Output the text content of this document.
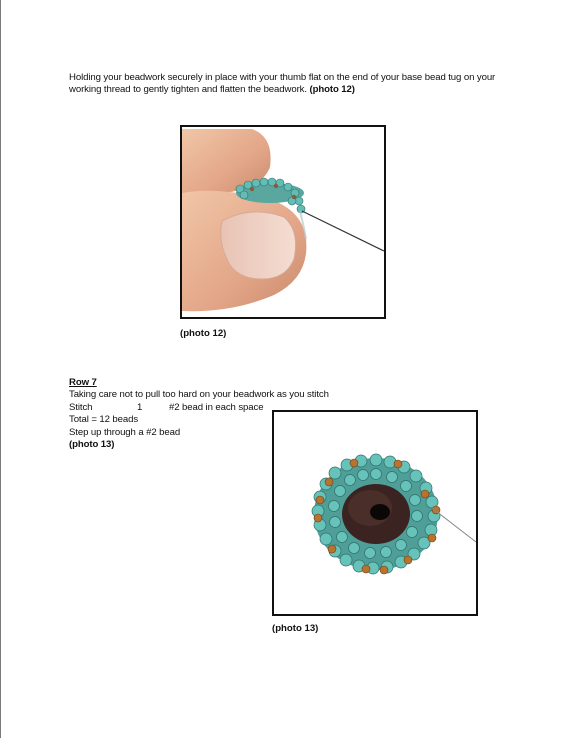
Holding your beadwork securely in place with your thumb flat on the end of your base bead tug on your working thread to gently tighten and flatten the beadwork. (photo 12)

(photo 12)
Row 7
Taking care not to pull too hard on your beadwork as you stitch
Stitch	1	#2 bead in each space
Total = 12 beads
Step up through a #2 bead
(photo 13)
(photo 13)
